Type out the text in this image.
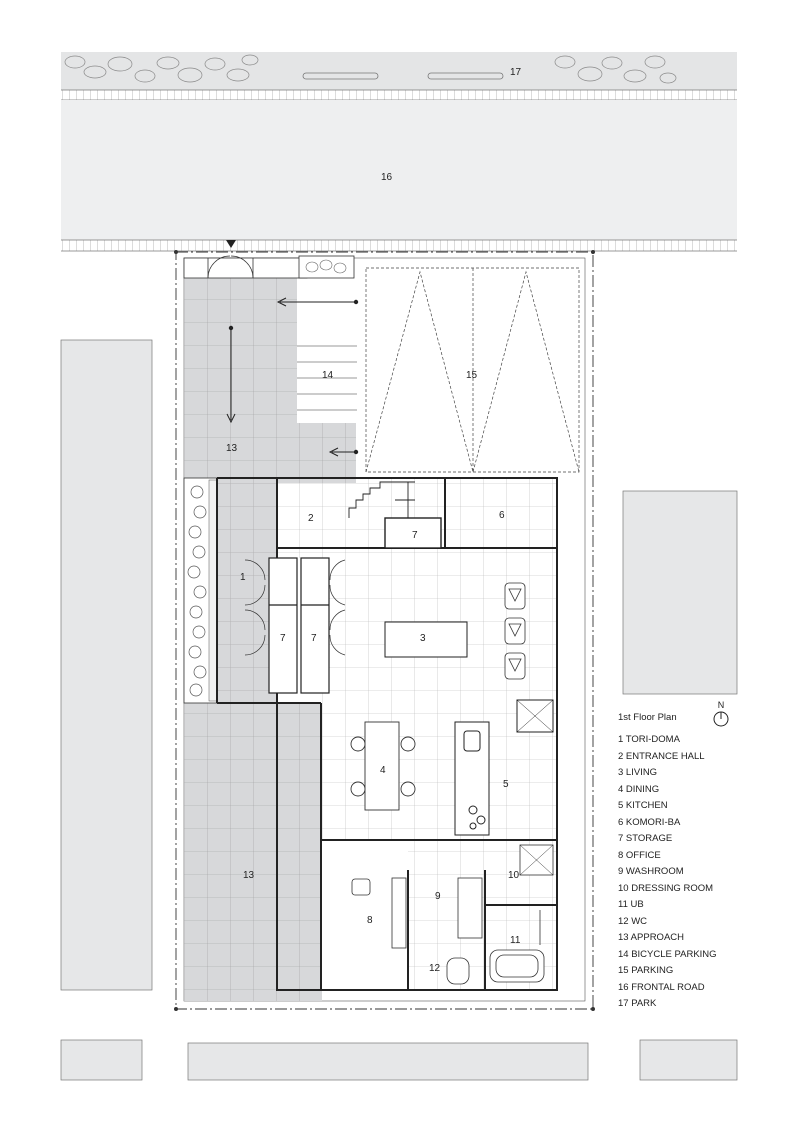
17
16
13
13
14	15
1
2
3
4
5
6
7
7	7
8
9
10
11
12
N
1st Floor Plan
1 TORI-DOMA
2 ENTRANCE HALL
3 LIVING
4 DINING
5 KITCHEN
6 KOMORI-BA
7 STORAGE
8 OFFICE
9 WASHROOM
10 DRESSING ROOM
11 UB
12 WC
13 APPROACH
14 BICYCLE PARKING
15 PARKING
16 FRONTAL ROAD
17 PARK
